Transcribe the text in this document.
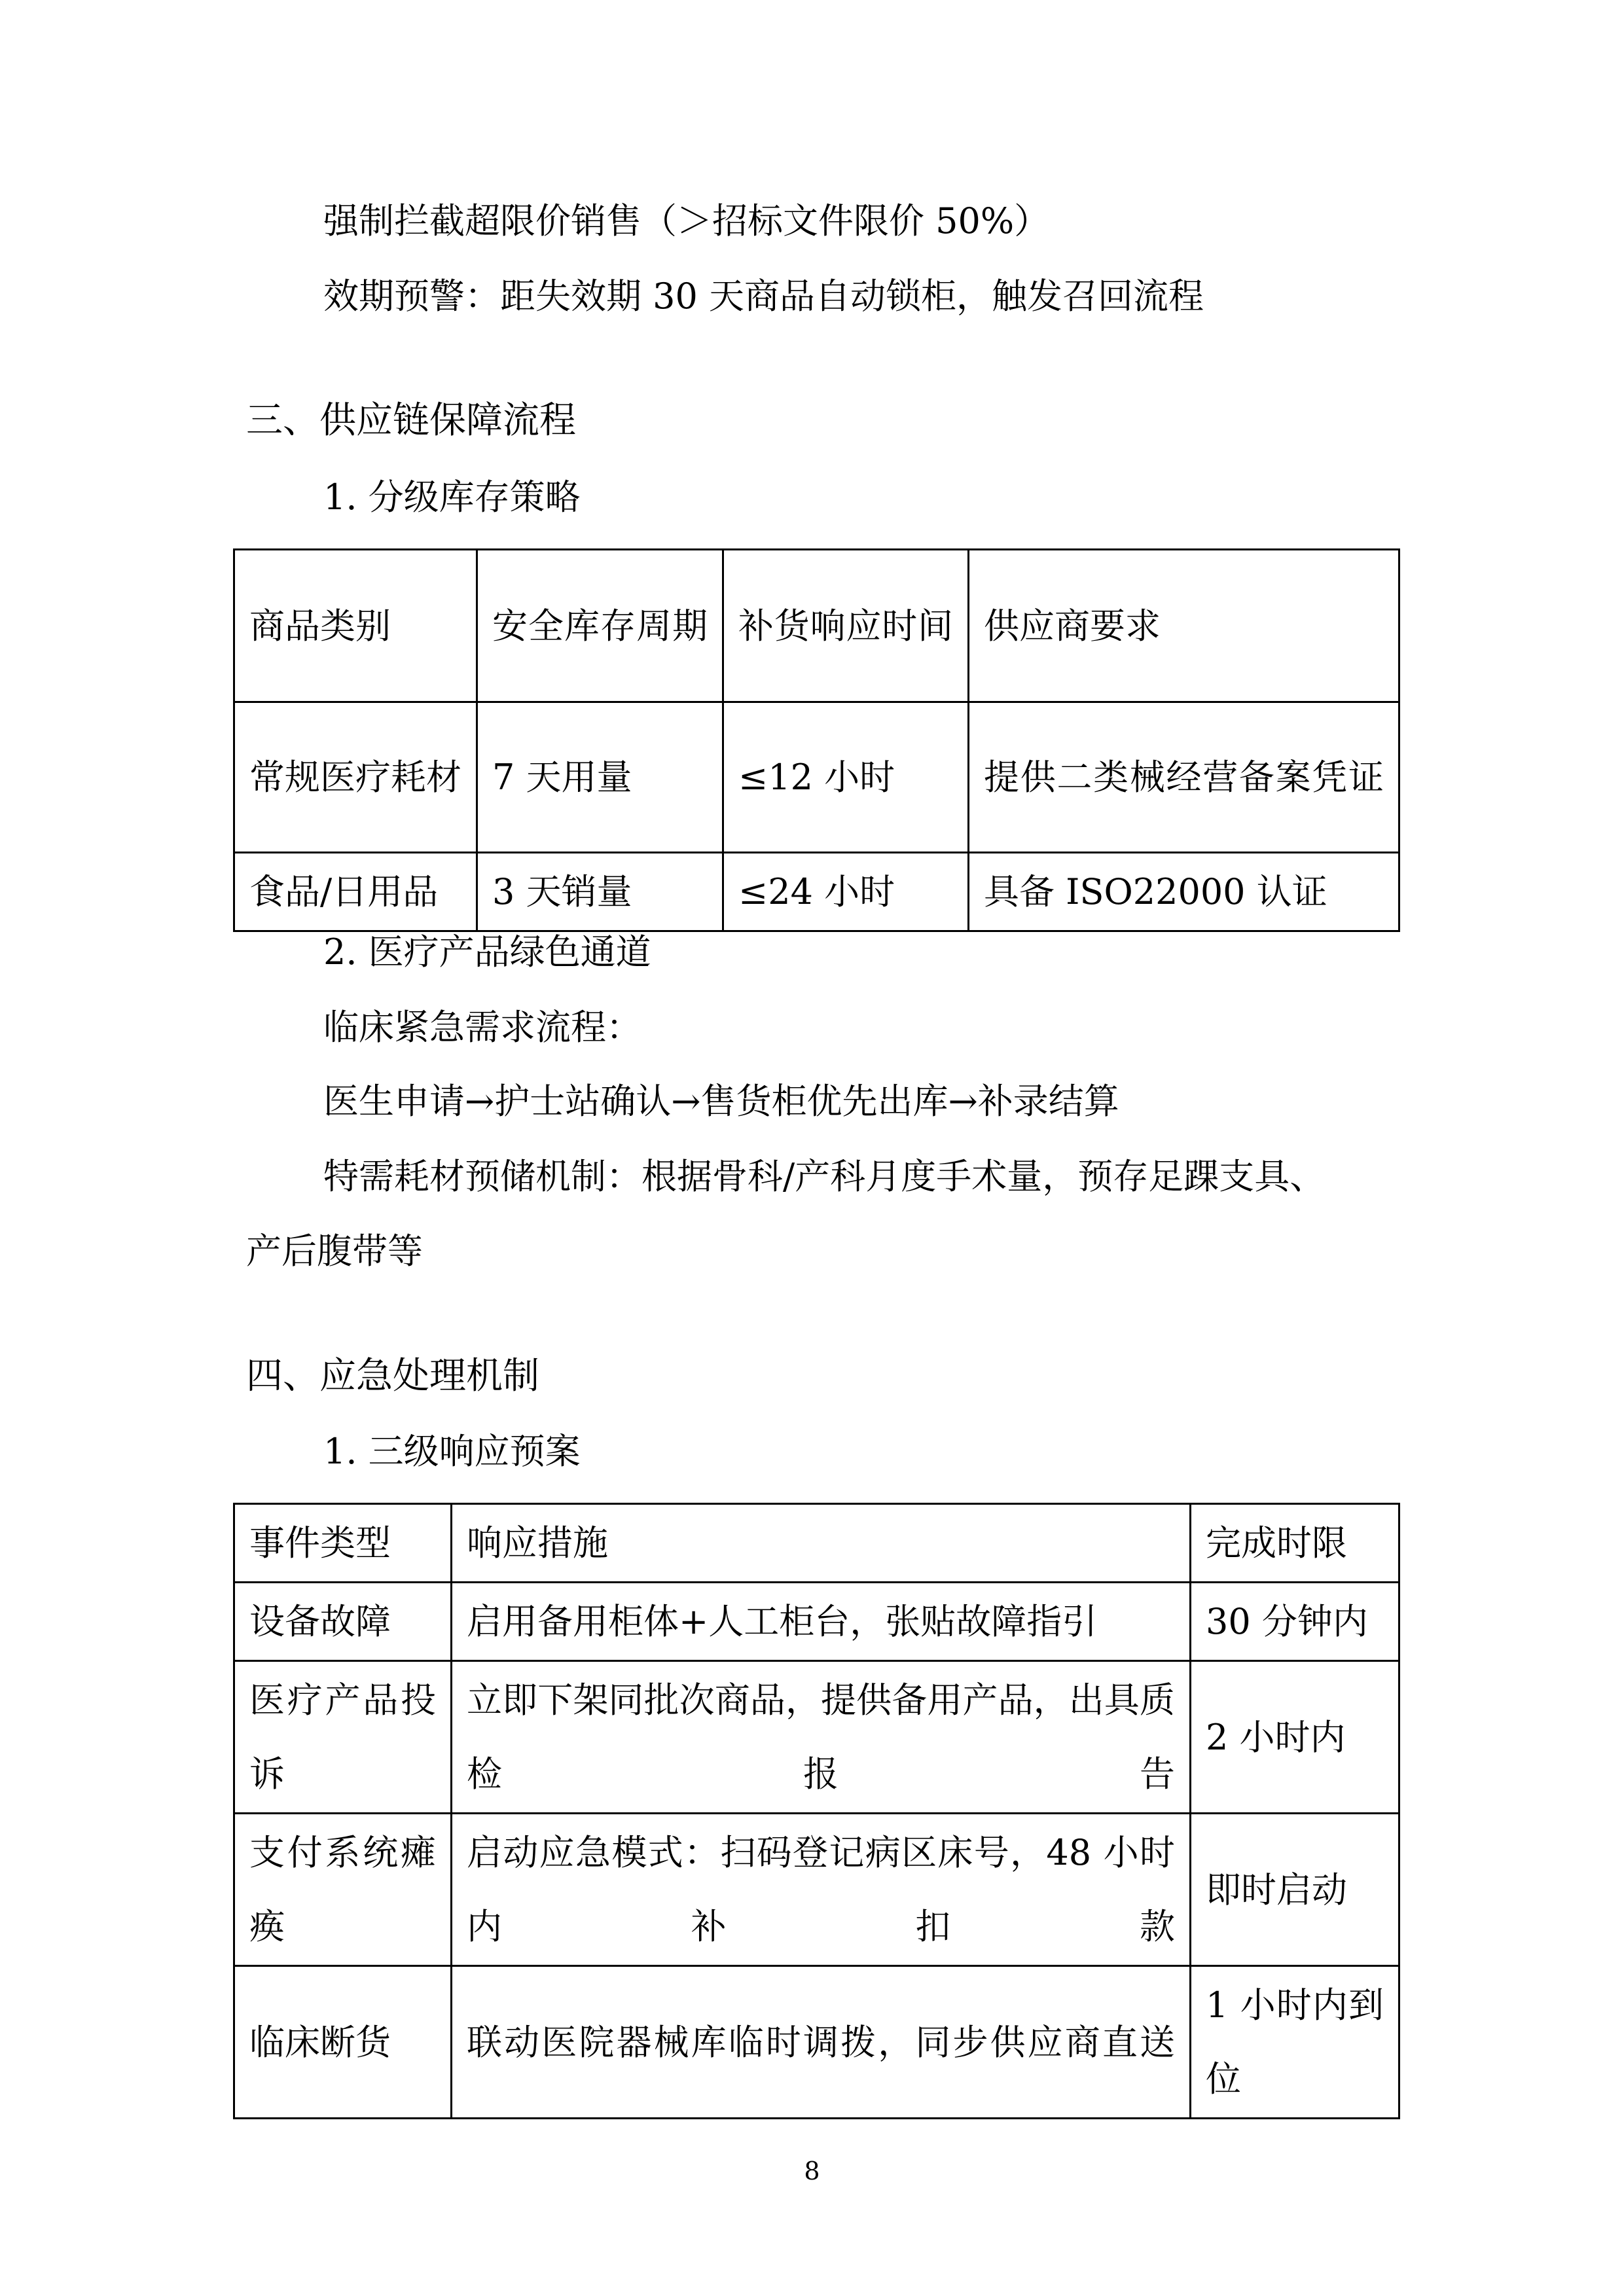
强制拦截超限价销售（＞招标文件限价 50%）
效期预警：距失效期 30 天商品自动锁柜，触发召回流程
三、供应链保障流程
1. 分级库存策略
商品类别	安全库存周期	补货响应时间	供应商要求
常规医疗耗材	7 天用量	≤12 小时	提供二类械经营备案凭证
食品/日用品	3 天销量	≤24 小时	具备 ISO22000 认证
2. 医疗产品绿色通道
临床紧急需求流程：
医生申请→护士站确认→售货柜优先出库→补录结算
特需耗材预储机制：根据骨科/产科月度手术量，预存足踝支具、
产后腹带等
四、应急处理机制
1. 三级响应预案
事件类型	响应措施	完成时限
设备故障	启用备用柜体+人工柜台，张贴故障指引	30 分钟内
医疗产品投诉	立即下架同批次商品，提供备用产品，出具质检报告	2 小时内
支付系统瘫痪	启动应急模式：扫码登记病区床号，48 小时内补扣款	即时启动
临床断货	联动医院器械库临时调拨，同步供应商直送	1 小时内到位
8
